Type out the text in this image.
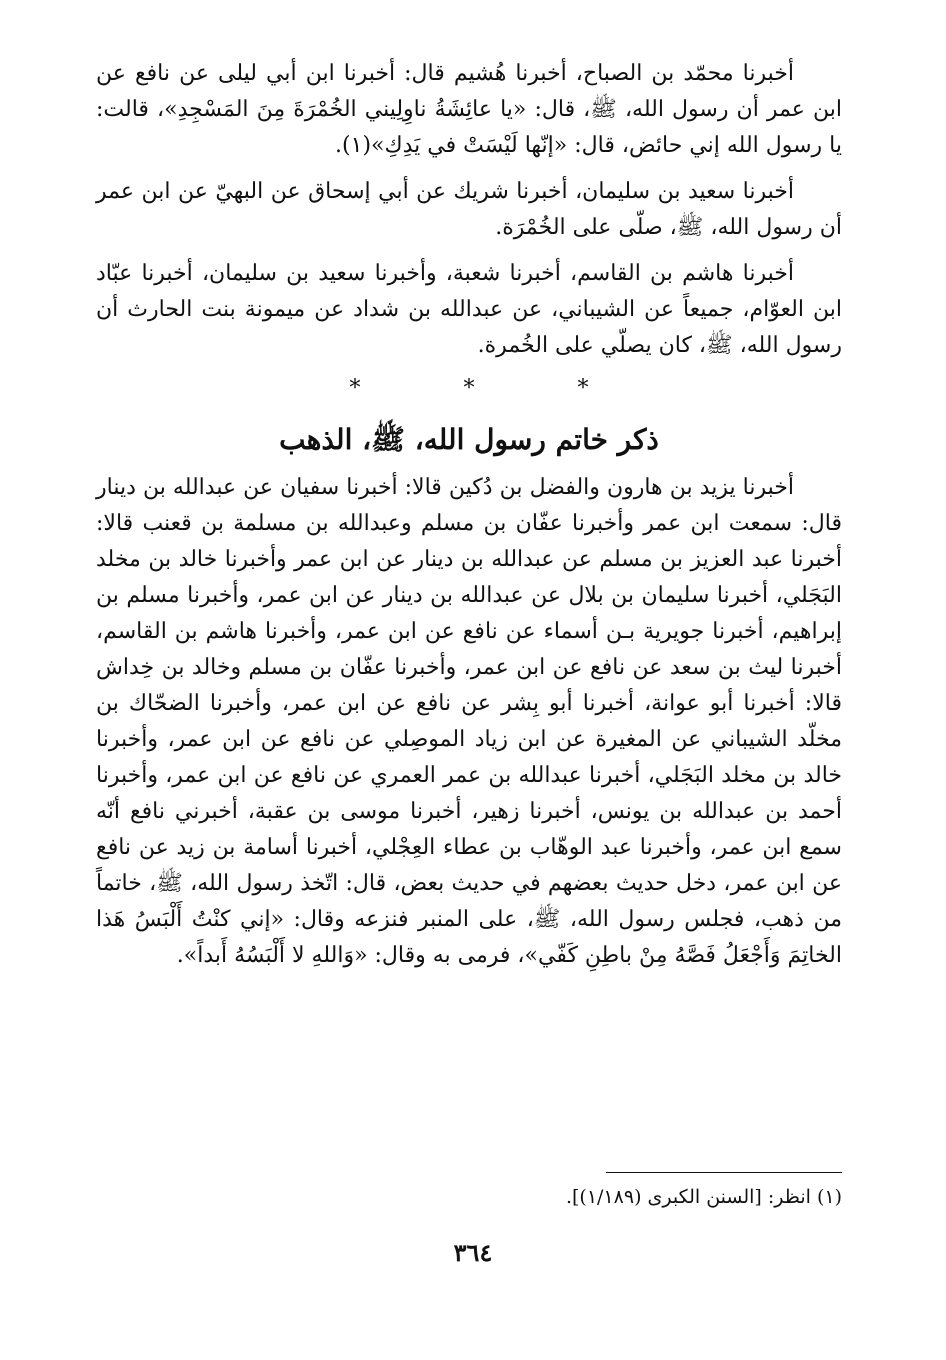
أخبرنا محمّد بن الصباح، أخبرنا هُشيم قال: أخبرنا ابن أبي ليلى عن نافع عن ابن عمر أن رسول الله، ﷺ، قال: «يا عائِشَةُ ناوِلِيني الخُمْرَةَ مِنَ المَسْجِدِ»، قالت: يا رسول الله إني حائض، قال: «إنّها لَيْسَتْ في يَدِكِ»(١).

أخبرنا سعيد بن سليمان، أخبرنا شريك عن أبي إسحاق عن البهيّ عن ابن عمر أن رسول الله، ﷺ، صلّى على الخُمْرَة.

أخبرنا هاشم بن القاسم، أخبرنا شعبة، وأخبرنا سعيد بن سليمان، أخبرنا عبّاد ابن العوّام، جميعاً عن الشيباني، عن عبدالله بن شداد عن ميمونة بنت الحارث أن رسول الله، ﷺ، كان يصلّي على الخُمرة.

* * *
ذكر خاتم رسول الله، ﷺ، الذهب

أخبرنا يزيد بن هارون والفضل بن دُكين قالا: أخبرنا سفيان عن عبدالله بن دينار قال: سمعت ابن عمر وأخبرنا عفّان بن مسلم وعبدالله بن مسلمة بن قعنب قالا: أخبرنا عبد العزيز بن مسلم عن عبدالله بن دينار عن ابن عمر وأخبرنا خالد بن مخلد البَجَلي، أخبرنا سليمان بن بلال عن عبدالله بن دينار عن ابن عمر، وأخبرنا مسلم بن إبراهيم، أخبرنا جويرية بـن أسماء عن نافع عن ابن عمر، وأخبرنا هاشم بن القاسم، أخبرنا ليث بن سعد عن نافع عن ابن عمر، وأخبرنا عفّان بن مسلم وخالد بن خِداش قالا: أخبرنا أبو عوانة، أخبرنا أبو بِشر عن نافع عن ابن عمر، وأخبرنا الضحّاك بن مخلّد الشيباني عن المغيرة عن ابن زياد الموصِلي عن نافع عن ابن عمر، وأخبرنا خالد بن مخلد البَجَلي، أخبرنا عبدالله بن عمر العمري عن نافع عن ابن عمر، وأخبرنا أحمد بن عبدالله بن يونس، أخبرنا زهير، أخبرنا موسى بن عقبة، أخبرني نافع أنّه سمع ابن عمر، وأخبرنا عبد الوهّاب بن عطاء العِجْلي، أخبرنا أسامة بن زيد عن نافع عن ابن عمر، دخل حديث بعضهم في حديث بعض، قال: اتّخذ رسول الله، ﷺ، خاتماً من ذهب، فجلس رسول الله، ﷺ، على المنبر فنزعه وقال: «إني كنْتُ أَلْبَسُ هَذا الخاتِمَ وَأَجْعَلُ فَصَّهُ مِنْ باطِنِ كَفّي»، فرمى به وقال: «وَاللهِ لا أَلْبَسُهُ أَبداً».

(١) انظر: [السنن الكبرى (١/١٨٩)].
٣٦٤
